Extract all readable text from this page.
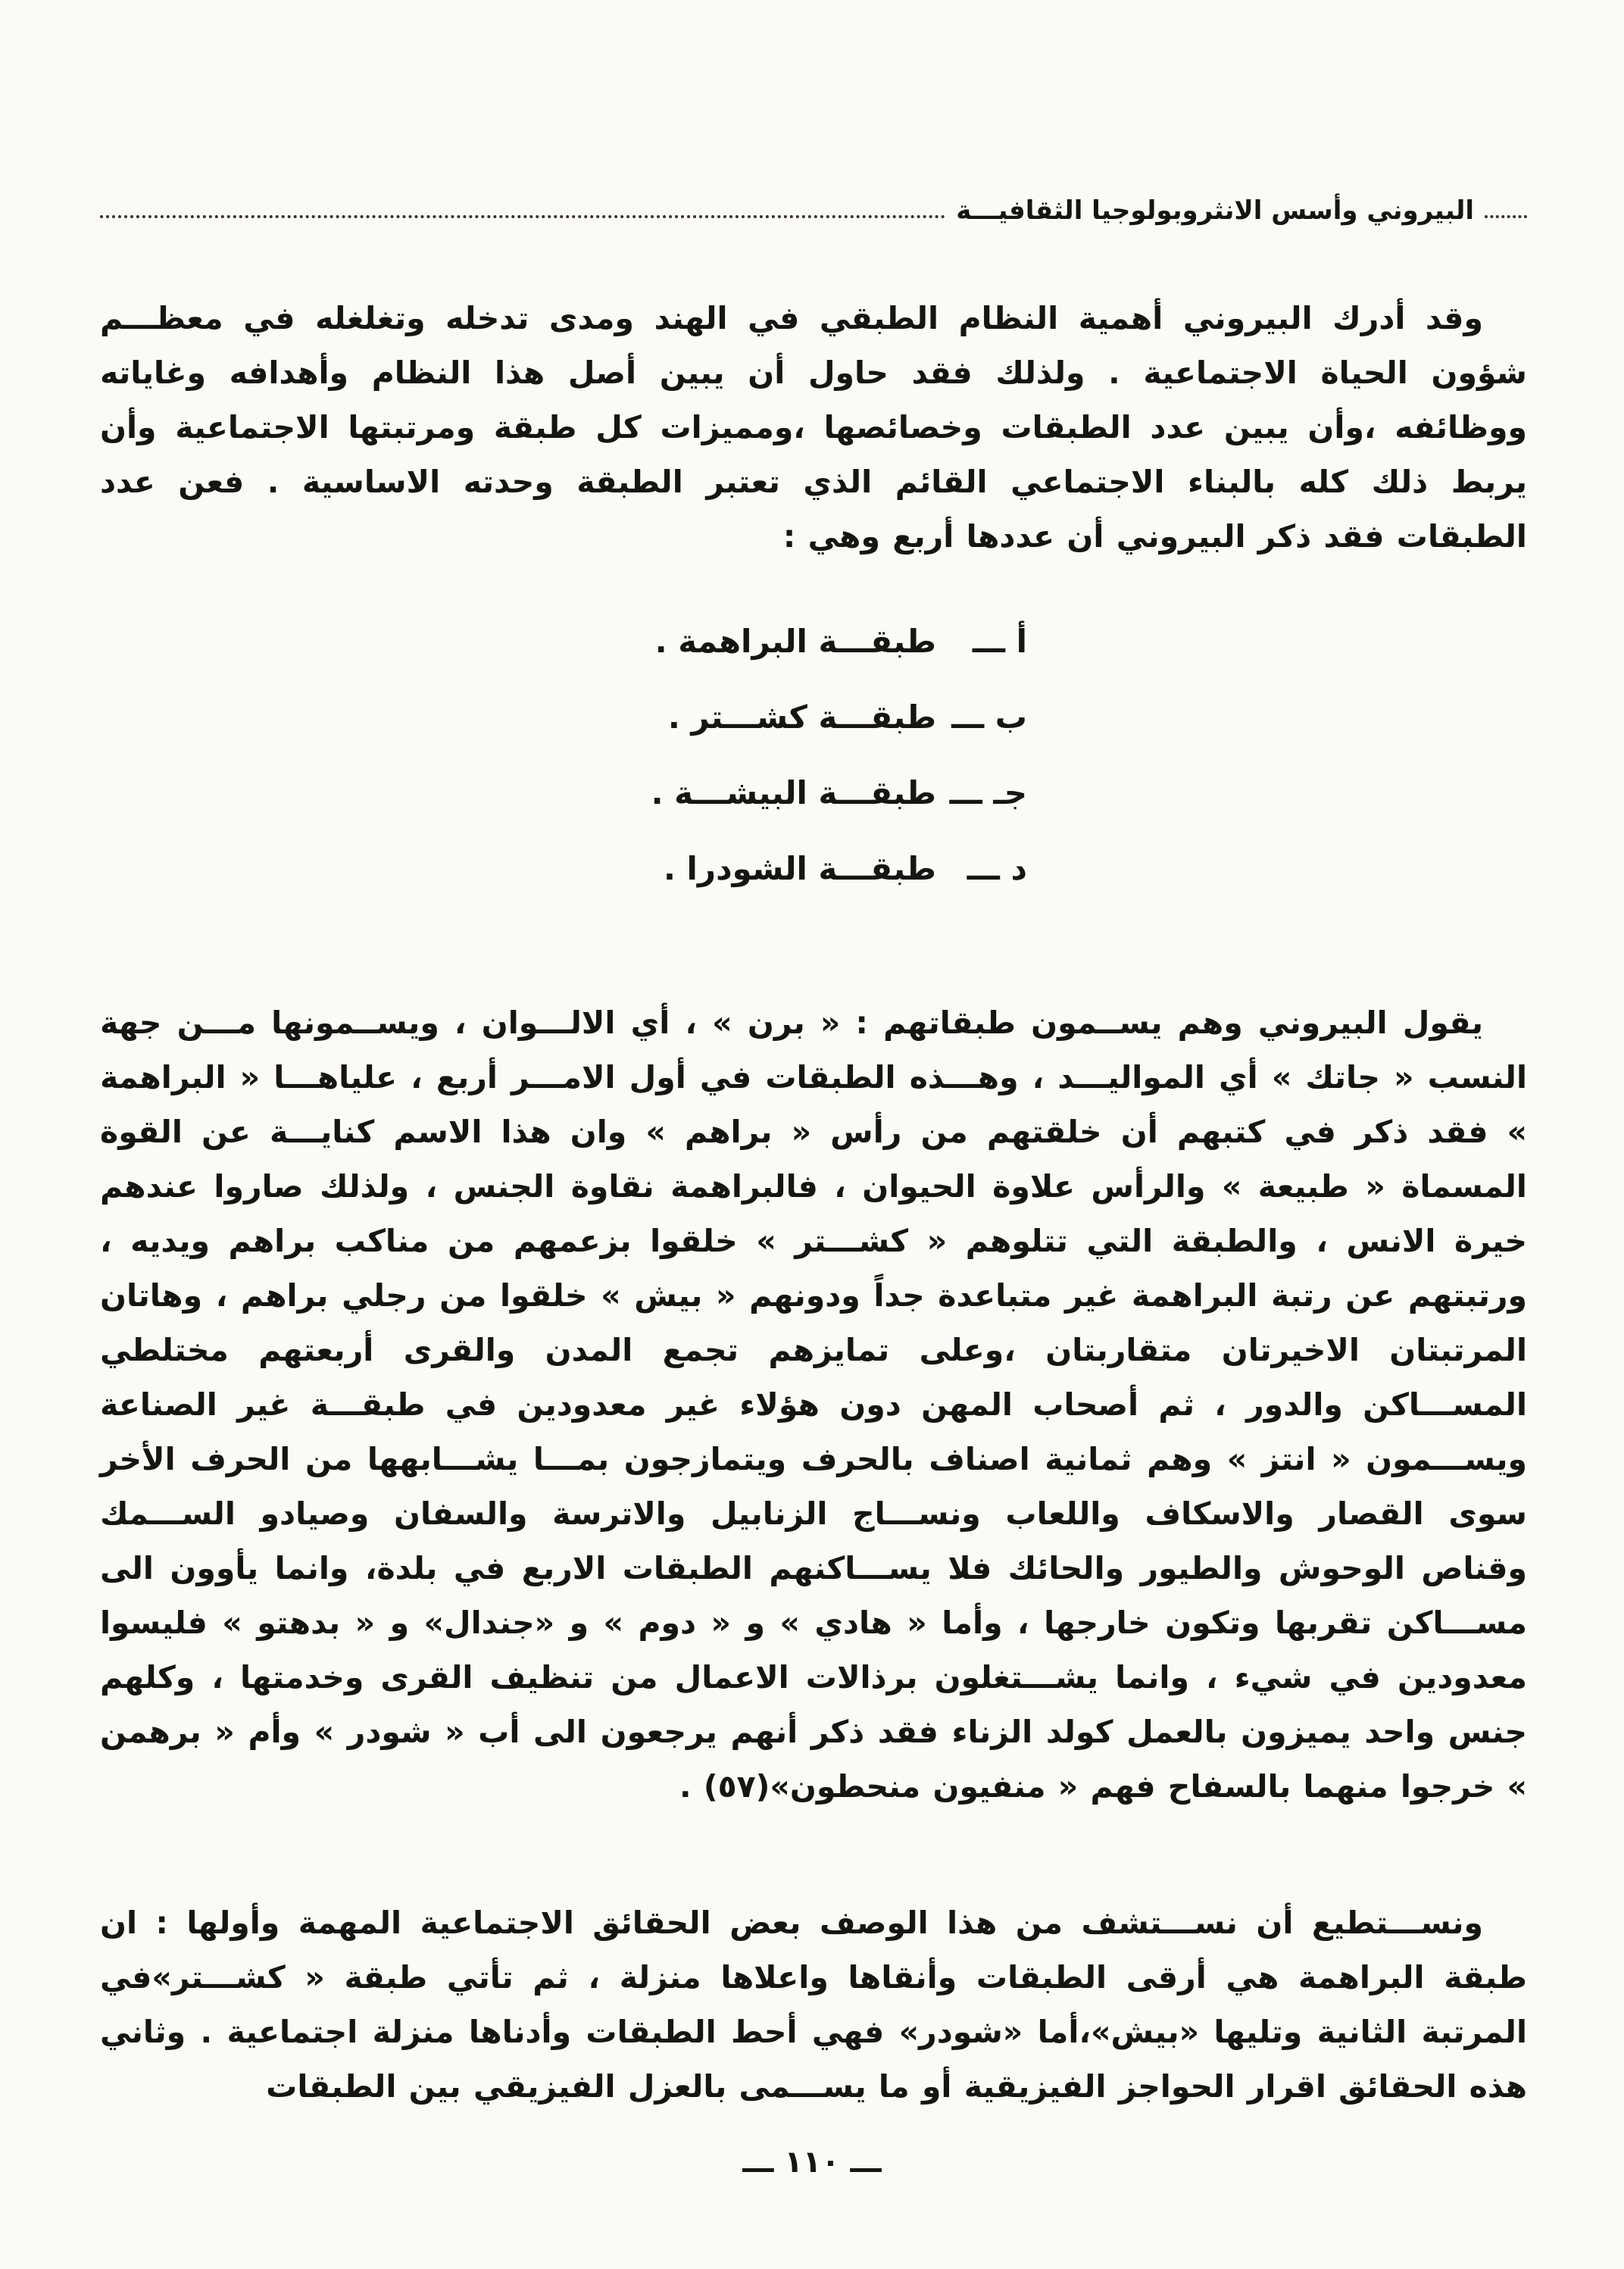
البيروني وأسس الانثروبولوجيا الثقافيـــة

وقد أدرك البيروني أهمية النظام الطبقي في الهند ومدى تدخله وتغلغله في معظـــم شؤون الحياة الاجتماعية . ولذلك فقد حاول أن يبين أصل هذا النظام وأهدافه وغاياته ووظائفه ،وأن يبين عدد الطبقات وخصائصها ،ومميزات كل طبقة ومرتبتها الاجتماعية وأن يربط ذلك كله بالبناء الاجتماعي القائم الذي تعتبر الطبقة وحدته الاساسية . فعن عدد الطبقات فقد ذكر البيروني أن عددها أربع وهي :

أ ـــ
طبقـــة البراهمة .
ب ـــ
طبقـــة كشـــتر .
جـ ـــ
طبقـــة البيشـــة .
د ـــ
طبقـــة الشودرا .

يقول البيروني وهم يســمون طبقاتهم : « برن » ، أي الالـــوان ، ويســمونها مـــن جهة النسب « جاتك » أي المواليـــد ، وهـــذه الطبقات في أول الامـــر أربع ، علياهـــا « البراهمة » فقد ذكر في كتبهم أن خلقتهم من رأس « براهم » وان هذا الاسم كنايـــة عن القوة المسماة « طبيعة » والرأس علاوة الحيوان ، فالبراهمة نقاوة الجنس ، ولذلك صاروا عندهم خيرة الانس ، والطبقة التي تتلوهم « كشـــتر » خلقوا بزعمهم من مناكب براهم ويديه ، ورتبتهم عن رتبة البراهمة غير متباعدة جداً ودونهم « بيش » خلقوا من رجلي براهم ، وهاتان المرتبتان الاخيرتان متقاربتان ،وعلى تمايزهم تجمع المدن والقرى أربعتهم مختلطي المســـاكن والدور ، ثم أصحاب المهن دون هؤلاء غير معدودين في طبقـــة غير الصناعة ويســـمون « انتز » وهم ثمانية اصناف بالحرف ويتمازجون بمـــا يشـــابهها من الحرف الأخر سوى القصار والاسكاف واللعاب ونســـاج الزنابيل والاترسة والسفان وصيادو الســـمك وقناص الوحوش والطيور والحائك فلا يســـاكنهم الطبقات الاربع في بلدة، وانما يأوون الى مســـاكن تقربها وتكون خارجها ، وأما « هادي » و « دوم » و «جندال» و « بدهتو » فليسوا معدودين في شيء ، وانما يشـــتغلون برذالات الاعمال من تنظيف القرى وخدمتها ، وكلهم جنس واحد يميزون بالعمل كولد الزناء فقد ذكر أنهم يرجعون الى أب « شودر » وأم « برهمن » خرجوا منهما بالسفاح فهم « منفيون منحطون»(٥٧) .

ونســـتطيع أن نســـتشف من هذا الوصف بعض الحقائق الاجتماعية المهمة وأولها : ان طبقة البراهمة هي أرقى الطبقات وأنقاها واعلاها منزلة ، ثم تأتي طبقة « كشـــتر»في المرتبة الثانية وتليها «بيش»،أما «شودر» فهي أحط الطبقات وأدناها منزلة اجتماعية . وثاني هذه الحقائق اقرار الحواجز الفيزيقية أو ما يســـمى بالعزل الفيزيقي بين الطبقات

ـــ ١١٠ ـــ
